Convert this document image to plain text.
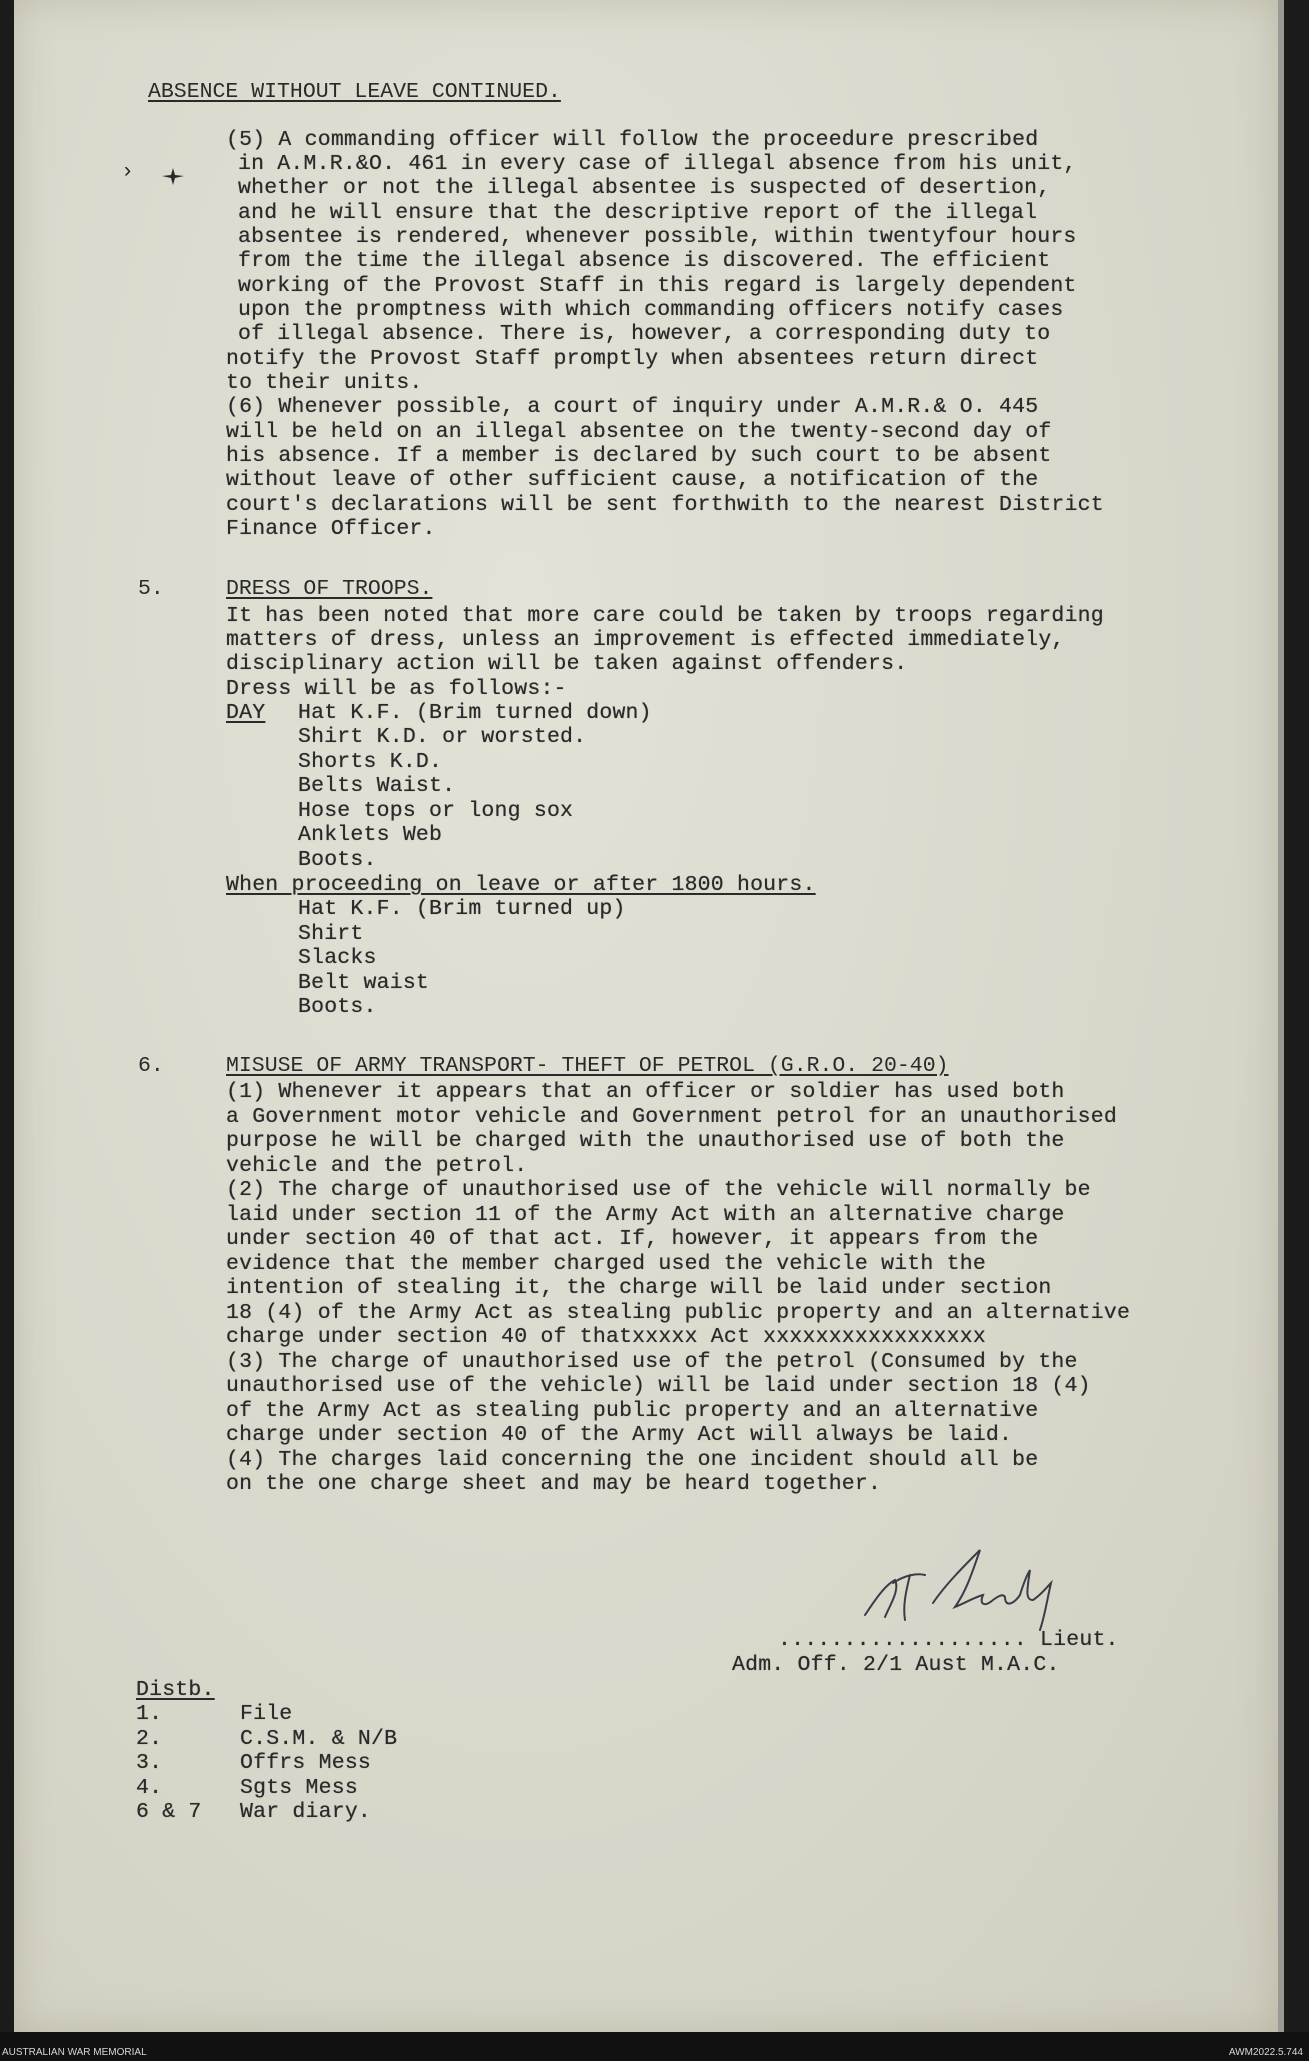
›
ABSENCE WITHOUT LEAVE CONTINUED.
(5) A commanding officer will follow the proceedure prescribed
in A.M.R.&O. 461 in every case of illegal absence from his unit,
whether or not the illegal absentee is suspected of desertion,
and he will ensure that the descriptive report of the illegal
absentee is rendered, whenever possible, within twentyfour hours
from the time the illegal absence is discovered. The efficient
working of the Provost Staff in this regard is largely dependent
upon the promptness with which commanding officers notify cases
of illegal absence. There is, however, a corresponding duty to
notify the Provost Staff promptly when absentees return direct
to their units.
(6) Whenever possible, a court of inquiry under A.M.R.& O. 445
will be held on an illegal absentee on the twenty-second day of
his absence. If a member is declared by such court to be absent
without leave of other sufficient cause, a notification of the
court's declarations will be sent forthwith to the nearest District
Finance Officer.
5.	DRESS OF TROOPS.
It has been noted that more care could be taken by troops regarding
matters of dress, unless an improvement is effected immediately,
disciplinary action will be taken against offenders.
Dress will be as follows:-
DAY Hat K.F. (Brim turned down)
Shirt K.D. or worsted.
Shorts K.D.
Belts Waist.
Hose tops or long sox
Anklets Web
Boots.
When proceeding on leave or after 1800 hours.
Hat K.F. (Brim turned up)
Shirt
Slacks
Belt waist
Boots.
6.	MISUSE OF ARMY TRANSPORT- THEFT OF PETROL (G.R.O. 20-40)
(1) Whenever it appears that an officer or soldier has used both
a Government motor vehicle and Government petrol for an unauthorised
purpose he will be charged with the unauthorised use of both the
vehicle and the petrol.
(2) The charge of unauthorised use of the vehicle will normally be
laid under section 11 of the Army Act with an alternative charge
under section 40 of that act. If, however, it appears from the
evidence that the member charged used the vehicle with the
intention of stealing it, the charge will be laid under section
18 (4) of the Army Act as stealing public property and an alternative
charge under section 40 of thatxxxxx Act xxxxxxxxxxxxxxxxx
(3) The charge of unauthorised use of the petrol (Consumed by the
unauthorised use of the vehicle) will be laid under section 18 (4)
of the Army Act as stealing public property and an alternative
charge under section 40 of the Army Act will always be laid.
(4) The charges laid concerning the one incident should all be
on the one charge sheet and may be heard together.
................... Lieut.
Adm. Off. 2/1 Aust M.A.C.
Distb.
1.	File
2.	C.S.M. & N/B
3.	Offrs Mess
4.	Sgts Mess
6 & 7 War diary.
AUSTRALIAN WAR MEMORIAL	AWM2022.5.744
